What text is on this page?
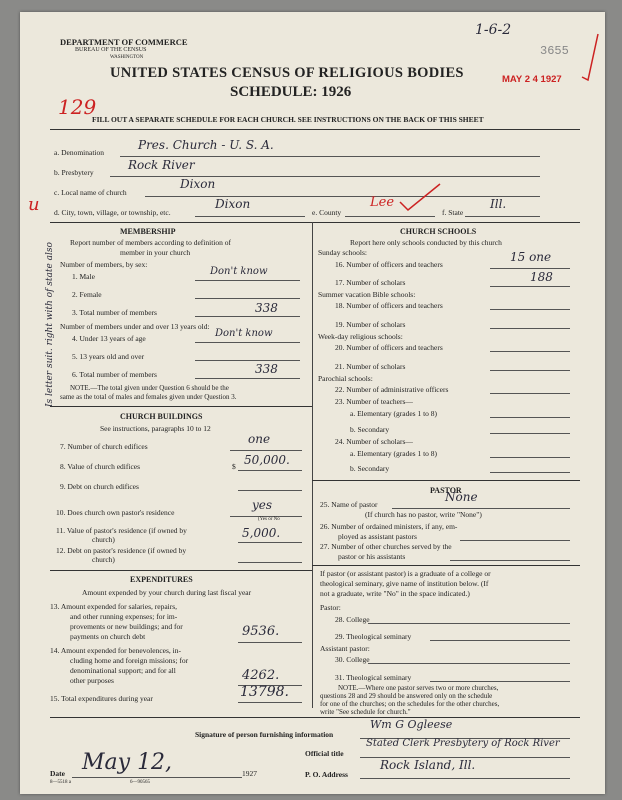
DEPARTMENT OF COMMERCE
BUREAU OF THE CENSUS
WASHINGTON
1-6-2
3655
MAY 2 4 1927
UNITED STATES CENSUS OF RELIGIOUS BODIES
SCHEDULE: 1926
129
FILL OUT A SEPARATE SCHEDULE FOR EACH CHURCH. SEE INSTRUCTIONS ON THE BACK OF THIS SHEET
a. Denomination
Pres. Church - U. S. A.
b. Presbytery
Rock River
c. Local name of church
Dixon
u d. City, town, village, or township, etc.
Dixon
e. County
Lee
f. State
Ill.
Is letter suit. right with of state also
MEMBERSHIP
Report number of members according to definition of
member in your church
Number of members, by sex:
1. Male	Don't know
2. Female
3. Total number of members	338
Number of members under and over 13 years old:
4. Under 13 years of age	Don't know
5. 13 years old and over
6. Total number of members	338
NOTE.—The total given under Question 6 should be the
same as the total of males and females given under Question 3.
CHURCH BUILDINGS
See instructions, paragraphs 10 to 12
7. Number of church edifices
one
8. Value of church edifices	$ 50,000.
9. Debt on church edifices
10. Does church own pastor's residence
yes
(Yes or No
11. Value of pastor's residence (if owned by
church)	5,000.
12. Debt on pastor's residence (if owned by
church)
EXPENDITURES
Amount expended by your church during last fiscal year
13. Amount expended for salaries, repairs,
and other running expenses; for im-
provements or new buildings; and for
payments on church debt	9536.
14. Amount expended for benevolences, in-
cluding home and foreign missions; for
denominational support; and for all
other purposes	4262.
15. Total expenditures during year	13798.
CHURCH SCHOOLS
Report here only schools conducted by this church
Sunday schools:
16. Number of officers and teachers
15 one
17. Number of scholars	188
Summer vacation Bible schools:
18. Number of officers and teachers
19. Number of scholars
Week-day religious schools:
20. Number of officers and teachers
21. Number of scholars
Parochial schools:
22. Number of administrative officers
23. Number of teachers—
a. Elementary (grades 1 to 8)
b. Secondary
24. Number of scholars—
a. Elementary (grades 1 to 8)
b. Secondary
PASTOR
25. Name of pastor
None
(If church has no pastor, write "None")
26. Number of ordained ministers, if any, em-
ployed as assistant pastors
27. Number of other churches served by the
pastor or his assistants
If pastor (or assistant pastor) is a graduate of a college or
theological seminary, give name of institution below. (If
not a graduate, write "No" in the space indicated.)
Pastor:
28. College
29. Theological seminary
Assistant pastor:
30. College
31. Theological seminary
NOTE.—Where one pastor serves two or more churches,
questions 28 and 29 should be answered only on the schedule
for one of the churches; on the schedules for the other churches,
write "See schedule for church."
Signature of person furnishing information
Wm G Ogleese
Official title
Stated Clerk Presbytery of Rock River
P. O. Address
Rock Island, Ill.
Date May 12,	1927
8—5518 a	6—90565
